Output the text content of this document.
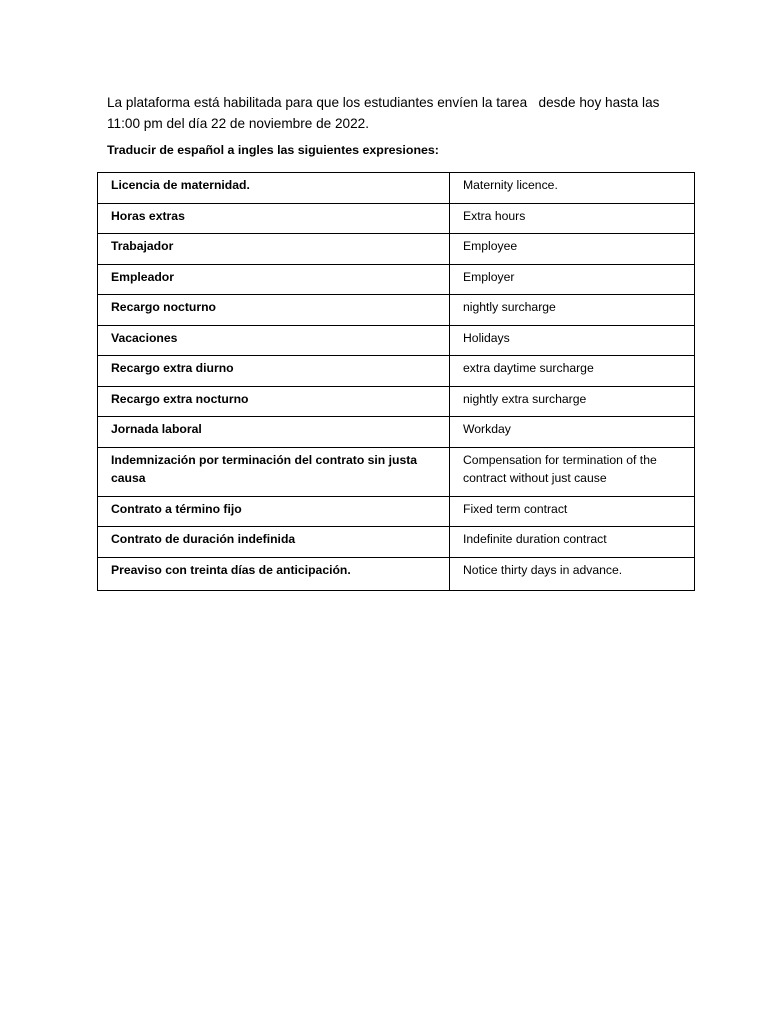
La plataforma está habilitada para que los estudiantes envíen la tarea   desde hoy hasta las
11:00 pm del día 22 de noviembre de 2022.

Traducir de español a ingles las siguientes expresiones:

Licencia de maternidad.	Maternity licence.
Horas extras	Extra hours
Trabajador	Employee
Empleador	Employer
Recargo nocturno	nightly surcharge
Vacaciones	Holidays
Recargo extra diurno	extra daytime surcharge
Recargo extra nocturno	nightly extra surcharge
Jornada laboral	Workday
Indemnización por terminación del contrato sin justa causa	Compensation for termination of the contract without just cause
Contrato a término fijo	Fixed term contract
Contrato de duración indefinida	Indefinite duration contract
Preaviso con treinta días de anticipación.	Notice thirty days in advance.
